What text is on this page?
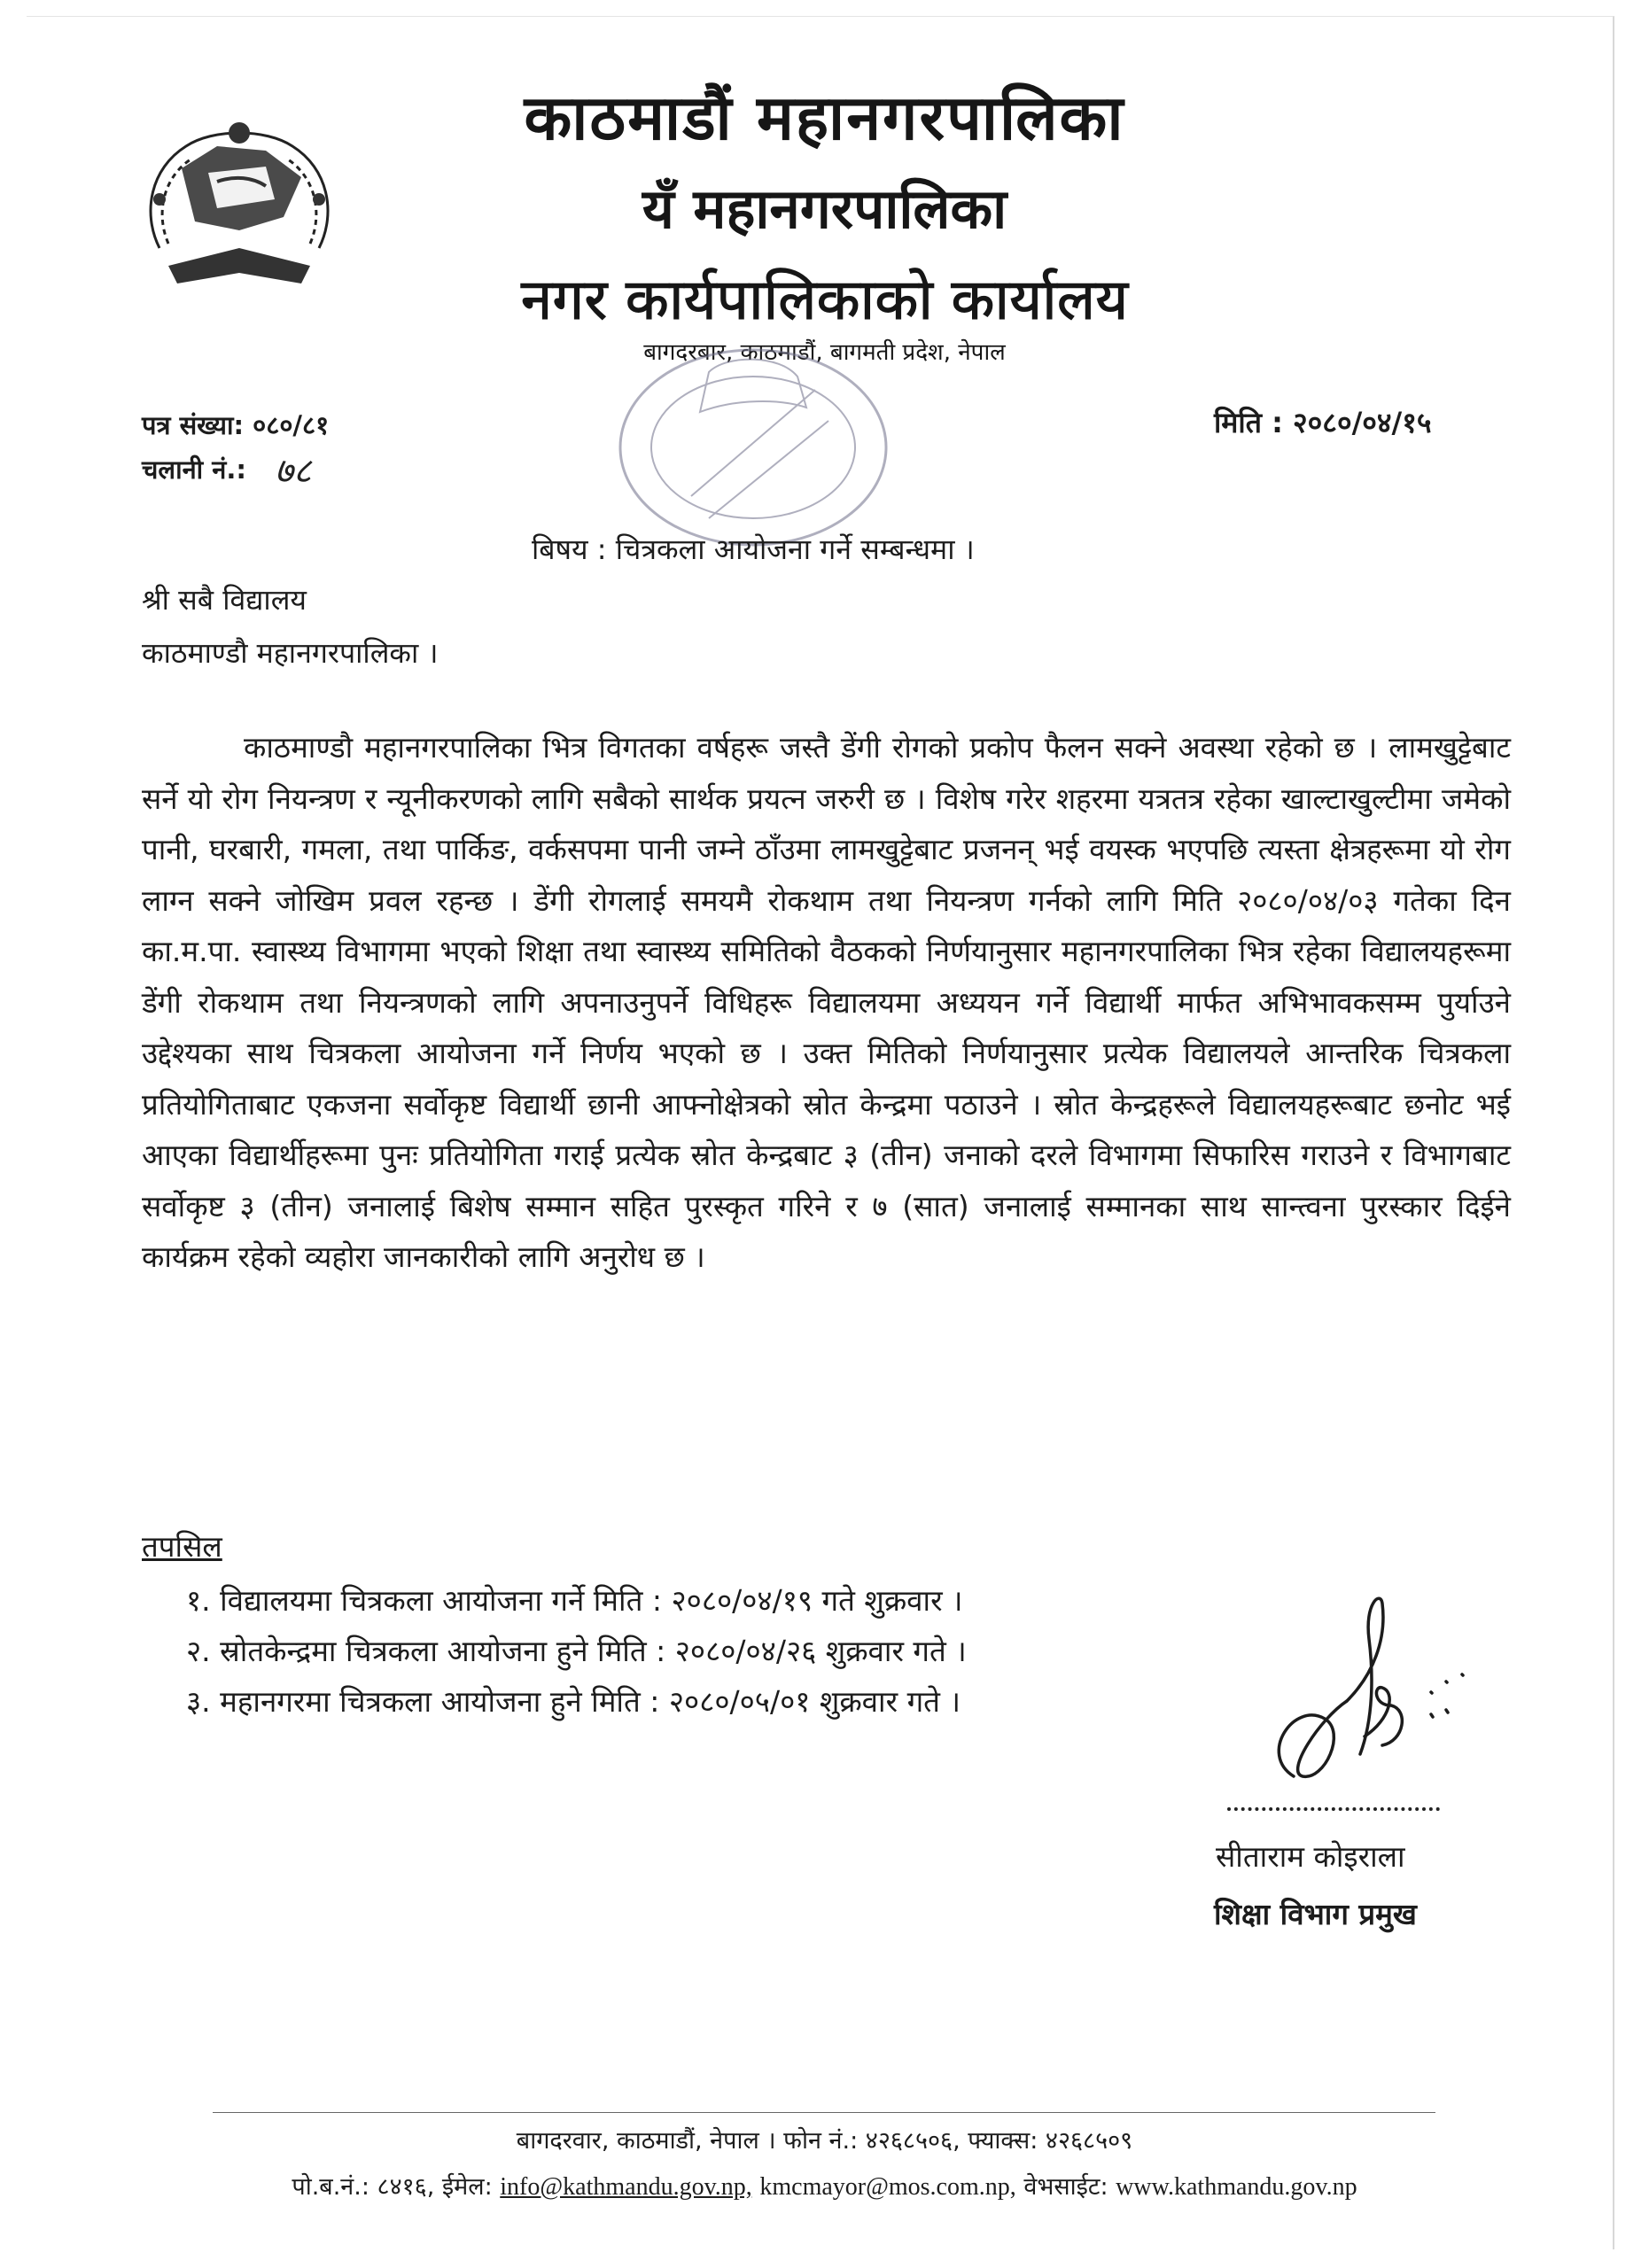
काठमाडौं महानगरपालिका
यँ महानगरपालिका
नगर कार्यपालिकाको कार्यालय
बागदरबार, काठमाडौं, बागमती प्रदेश, नेपाल
पत्र संख्या: ०८०/८१
चलानी नं.: ७८
मिति : २०८०/०४/१५
बिषय : चित्रकला आयोजना गर्ने सम्बन्धमा ।
श्री सबै विद्यालय
काठमाण्डौ महानगरपालिका ।

काठमाण्डौ महानगरपालिका भित्र विगतका वर्षहरू जस्तै डेंगी रोगको प्रकोप फैलन सक्ने अवस्था रहेको छ । लामखुट्टेबाट सर्ने यो रोग नियन्त्रण र न्यूनीकरणको लागि सबैको सार्थक प्रयत्न जरुरी छ । विशेष गरेर शहरमा यत्रतत्र रहेका खाल्टाखुल्टीमा जमेको पानी, घरबारी, गमला, तथा पार्किङ, वर्कसपमा पानी जम्ने ठाँउमा लामखुट्टेबाट प्रजनन् भई वयस्क भएपछि त्यस्ता क्षेत्रहरूमा यो रोग लाग्न सक्ने जोखिम प्रवल रहन्छ । डेंगी रोगलाई समयमै रोकथाम तथा नियन्त्रण गर्नको लागि मिति २०८०/०४/०३ गतेका दिन का.म.पा. स्वास्थ्य विभागमा भएको शिक्षा तथा स्वास्थ्य समितिको वैठकको निर्णयानुसार महानगरपालिका भित्र रहेका विद्यालयहरूमा डेंगी रोकथाम तथा नियन्त्रणको लागि अपनाउनुपर्ने विधिहरू विद्यालयमा अध्ययन गर्ने विद्यार्थी मार्फत अभिभावकसम्म पुर्याउने उद्देश्यका साथ चित्रकला आयोजना गर्ने निर्णय भएको छ । उक्त मितिको निर्णयानुसार प्रत्येक विद्यालयले आन्तरिक चित्रकला प्रतियोगिताबाट एकजना सर्वोकृष्ट विद्यार्थी छानी आफ्नोक्षेत्रको स्रोत केन्द्रमा पठाउने । स्रोत केन्द्रहरूले विद्यालयहरूबाट छनोट भई आएका विद्यार्थीहरूमा पुनः प्रतियोगिता गराई प्रत्येक स्रोत केन्द्रबाट ३ (तीन) जनाको दरले विभागमा सिफारिस गराउने र विभागबाट सर्वोकृष्ट ३ (तीन) जनालाई बिशेष सम्मान सहित पुरस्कृत गरिने र ७ (सात) जनालाई सम्मानका साथ सान्त्वना पुरस्कार दिईने कार्यक्रम रहेको व्यहोरा जानकारीको लागि अनुरोध छ ।

तपसिल
१. विद्यालयमा चित्रकला आयोजना गर्ने मिति : २०८०/०४/१९ गते शुक्रवार ।
२. स्रोतकेन्द्रमा चित्रकला आयोजना हुने मिति : २०८०/०४/२६ शुक्रवार गते ।
३. महानगरमा चित्रकला आयोजना हुने मिति : २०८०/०५/०१ शुक्रवार गते ।
सीताराम कोइराला
शिक्षा विभाग प्रमुख
बागदरवार, काठमाडौं, नेपाल । फोन नं.: ४२६८५०६, फ्याक्स: ४२६८५०९
पो.ब.नं.: ८४१६, ईमेल: info@kathmandu.gov.np, kmcmayor@mos.com.np, वेभसाईट: www.kathmandu.gov.np
